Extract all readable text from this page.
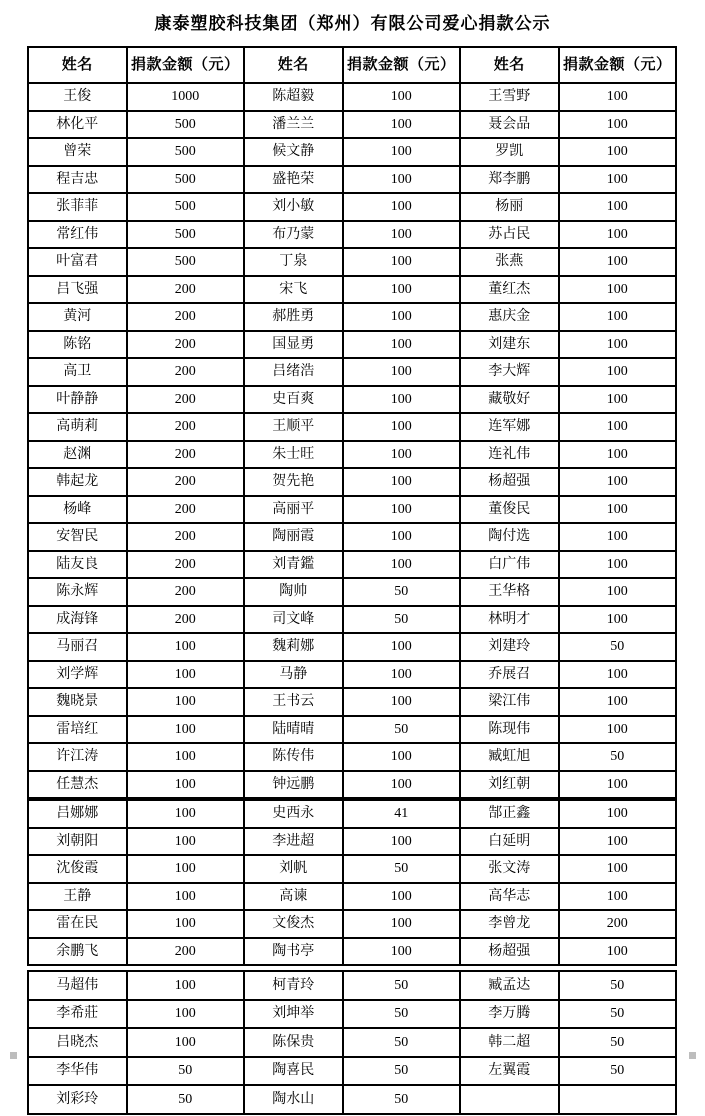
康泰塑胶科技集团（郑州）有限公司爱心捐款公示
姓名	捐款金额（元）	姓名	捐款金额（元）	姓名	捐款金额（元）
王俊	1000	陈超毅	100	王雪野	100
林化平	500	潘兰兰	100	聂会品	100
曾荣	500	候文静	100	罗凯	100
程吉忠	500	盛艳荣	100	郑李鹏	100
张菲菲	500	刘小敏	100	杨丽	100
常红伟	500	布乃蒙	100	苏占民	100
叶富君	500	丁泉	100	张燕	100
吕飞强	200	宋飞	100	董红杰	100
黄河	200	郝胜勇	100	惠庆金	100
陈铭	200	国显勇	100	刘建东	100
高卫	200	吕绪浩	100	李大辉	100
叶静静	200	史百爽	100	藏敬好	100
高萌莉	200	王顺平	100	连军娜	100
赵渊	200	朱士旺	100	连礼伟	100
韩起龙	200	贺先艳	100	杨超强	100
杨峰	200	高丽平	100	董俊民	100
安智民	200	陶丽霞	100	陶付选	100
陆友良	200	刘青鑑	100	白广伟	100
陈永辉	200	陶帅	50	王华格	100
成海锋	200	司文峰	50	林明才	100
马丽召	100	魏莉娜	100	刘建玲	50
刘学辉	100	马静	100	乔展召	100
魏晓景	100	王书云	100	梁江伟	100
雷培红	100	陆晴晴	50	陈现伟	100
许江涛	100	陈传伟	100	臧虹旭	50
任慧杰	100	钟远鹏	100	刘红朝	100
吕娜娜	100	史西永	41	郜正鑫	100
刘朝阳	100	李进超	100	白延明	100
沈俊霞	100	刘帆	50	张文涛	100
王静	100	高谏	100	高华志	100
雷在民	100	文俊杰	100	李曾龙	200
余鹏飞	200	陶书亭	100	杨超强	100
马超伟	100	柯青玲	50	臧孟达	50
李希莊	100	刘坤举	50	李万腾	50
吕晓杰	100	陈保贵	50	韩二超	50
李华伟	50	陶喜民	50	左翼霞	50
刘彩玲	50	陶水山	50		
